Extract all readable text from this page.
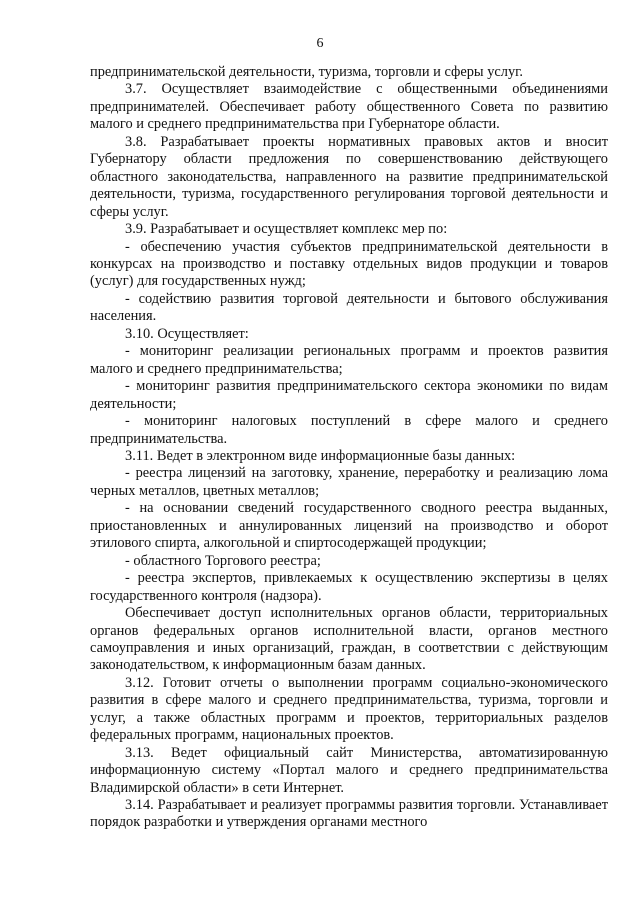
6

предпринимательской деятельности, туризма, торговли и сферы услуг.

3.7. Осуществляет взаимодействие с общественными объединениями предпринимателей. Обеспечивает работу общественного Совета по развитию малого и среднего предпринимательства при Губернаторе области.

3.8. Разрабатывает проекты нормативных правовых актов и вносит Губернатору области предложения по совершенствованию действующего областного законодательства, направленного на развитие предпринимательской деятельности, туризма, государственного регулирования торговой деятельности и сферы услуг.

3.9. Разрабатывает и осуществляет комплекс мер по:

- обеспечению участия субъектов предпринимательской деятельности в конкурсах на производство и поставку отдельных видов продукции и товаров (услуг) для государственных нужд;

- содействию развития торговой деятельности и бытового обслуживания населения.

3.10. Осуществляет:

- мониторинг реализации региональных программ и проектов развития малого и среднего предпринимательства;

- мониторинг развития предпринимательского сектора экономики по видам деятельности;

- мониторинг налоговых поступлений в сфере малого и среднего предпринимательства.

3.11. Ведет в электронном виде информационные базы данных:

- реестра лицензий на заготовку, хранение, переработку и реализацию лома черных металлов, цветных металлов;

- на основании сведений государственного сводного реестра выданных, приостановленных и аннулированных лицензий на производство и оборот этилового спирта, алкогольной и спиртосодержащей продукции;

- областного Торгового реестра;

- реестра экспертов, привлекаемых к осуществлению экспертизы в целях государственного контроля (надзора).

Обеспечивает доступ исполнительных органов области, территориальных органов федеральных органов исполнительной власти, органов местного самоуправления и иных организаций, граждан, в соответствии с действующим законодательством, к информационным базам данных.

3.12. Готовит отчеты о выполнении программ социально-экономического развития в сфере малого и среднего предпринимательства, туризма, торговли и услуг, а также областных программ и проектов, территориальных разделов федеральных программ, национальных проектов.

3.13. Ведет официальный сайт Министерства, автоматизированную информационную систему «Портал малого и среднего предпринимательства Владимирской области» в сети Интернет.

3.14. Разрабатывает и реализует программы развития торговли. Устанавливает порядок разработки и утверждения органами местного
